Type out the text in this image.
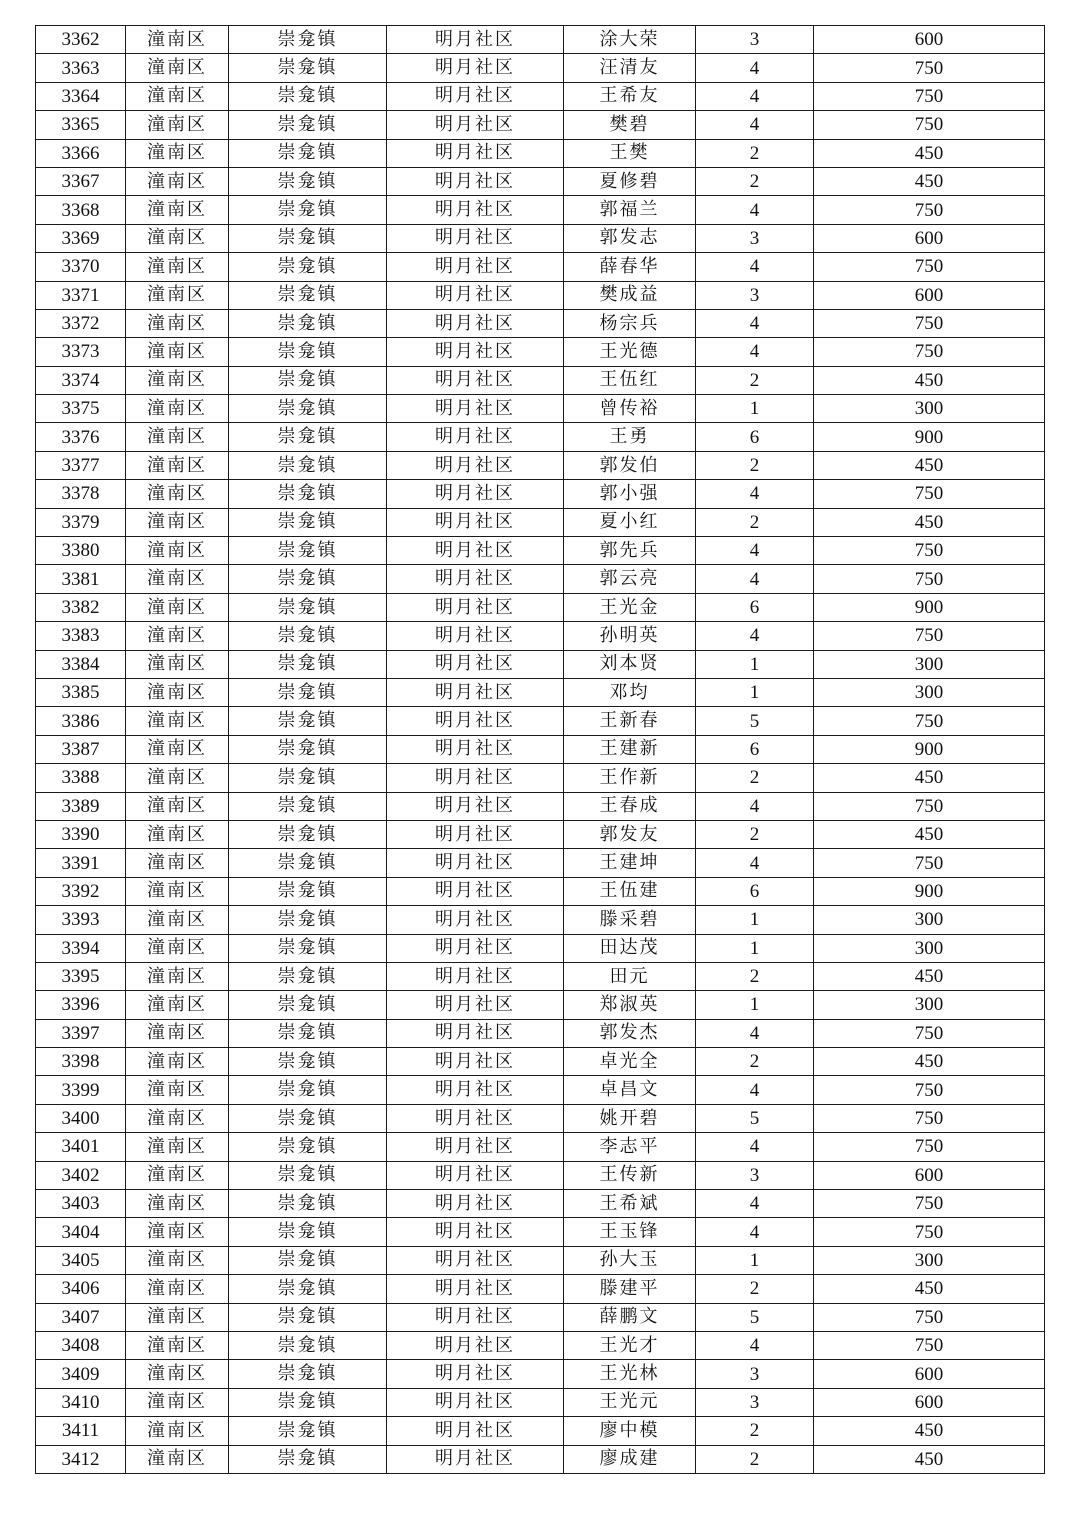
3362	潼南区	崇龛镇	明月社区	涂大荣	3	600
3363	潼南区	崇龛镇	明月社区	汪清友	4	750
3364	潼南区	崇龛镇	明月社区	王希友	4	750
3365	潼南区	崇龛镇	明月社区	樊碧	4	750
3366	潼南区	崇龛镇	明月社区	王樊	2	450
3367	潼南区	崇龛镇	明月社区	夏修碧	2	450
3368	潼南区	崇龛镇	明月社区	郭福兰	4	750
3369	潼南区	崇龛镇	明月社区	郭发志	3	600
3370	潼南区	崇龛镇	明月社区	薛春华	4	750
3371	潼南区	崇龛镇	明月社区	樊成益	3	600
3372	潼南区	崇龛镇	明月社区	杨宗兵	4	750
3373	潼南区	崇龛镇	明月社区	王光德	4	750
3374	潼南区	崇龛镇	明月社区	王伍红	2	450
3375	潼南区	崇龛镇	明月社区	曾传裕	1	300
3376	潼南区	崇龛镇	明月社区	王勇	6	900
3377	潼南区	崇龛镇	明月社区	郭发伯	2	450
3378	潼南区	崇龛镇	明月社区	郭小强	4	750
3379	潼南区	崇龛镇	明月社区	夏小红	2	450
3380	潼南区	崇龛镇	明月社区	郭先兵	4	750
3381	潼南区	崇龛镇	明月社区	郭云亮	4	750
3382	潼南区	崇龛镇	明月社区	王光金	6	900
3383	潼南区	崇龛镇	明月社区	孙明英	4	750
3384	潼南区	崇龛镇	明月社区	刘本贤	1	300
3385	潼南区	崇龛镇	明月社区	邓均	1	300
3386	潼南区	崇龛镇	明月社区	王新春	5	750
3387	潼南区	崇龛镇	明月社区	王建新	6	900
3388	潼南区	崇龛镇	明月社区	王作新	2	450
3389	潼南区	崇龛镇	明月社区	王春成	4	750
3390	潼南区	崇龛镇	明月社区	郭发友	2	450
3391	潼南区	崇龛镇	明月社区	王建坤	4	750
3392	潼南区	崇龛镇	明月社区	王伍建	6	900
3393	潼南区	崇龛镇	明月社区	滕采碧	1	300
3394	潼南区	崇龛镇	明月社区	田达茂	1	300
3395	潼南区	崇龛镇	明月社区	田元	2	450
3396	潼南区	崇龛镇	明月社区	郑淑英	1	300
3397	潼南区	崇龛镇	明月社区	郭发杰	4	750
3398	潼南区	崇龛镇	明月社区	卓光全	2	450
3399	潼南区	崇龛镇	明月社区	卓昌文	4	750
3400	潼南区	崇龛镇	明月社区	姚开碧	5	750
3401	潼南区	崇龛镇	明月社区	李志平	4	750
3402	潼南区	崇龛镇	明月社区	王传新	3	600
3403	潼南区	崇龛镇	明月社区	王希斌	4	750
3404	潼南区	崇龛镇	明月社区	王玉锋	4	750
3405	潼南区	崇龛镇	明月社区	孙大玉	1	300
3406	潼南区	崇龛镇	明月社区	滕建平	2	450
3407	潼南区	崇龛镇	明月社区	薛鹏文	5	750
3408	潼南区	崇龛镇	明月社区	王光才	4	750
3409	潼南区	崇龛镇	明月社区	王光林	3	600
3410	潼南区	崇龛镇	明月社区	王光元	3	600
3411	潼南区	崇龛镇	明月社区	廖中模	2	450
3412	潼南区	崇龛镇	明月社区	廖成建	2	450
